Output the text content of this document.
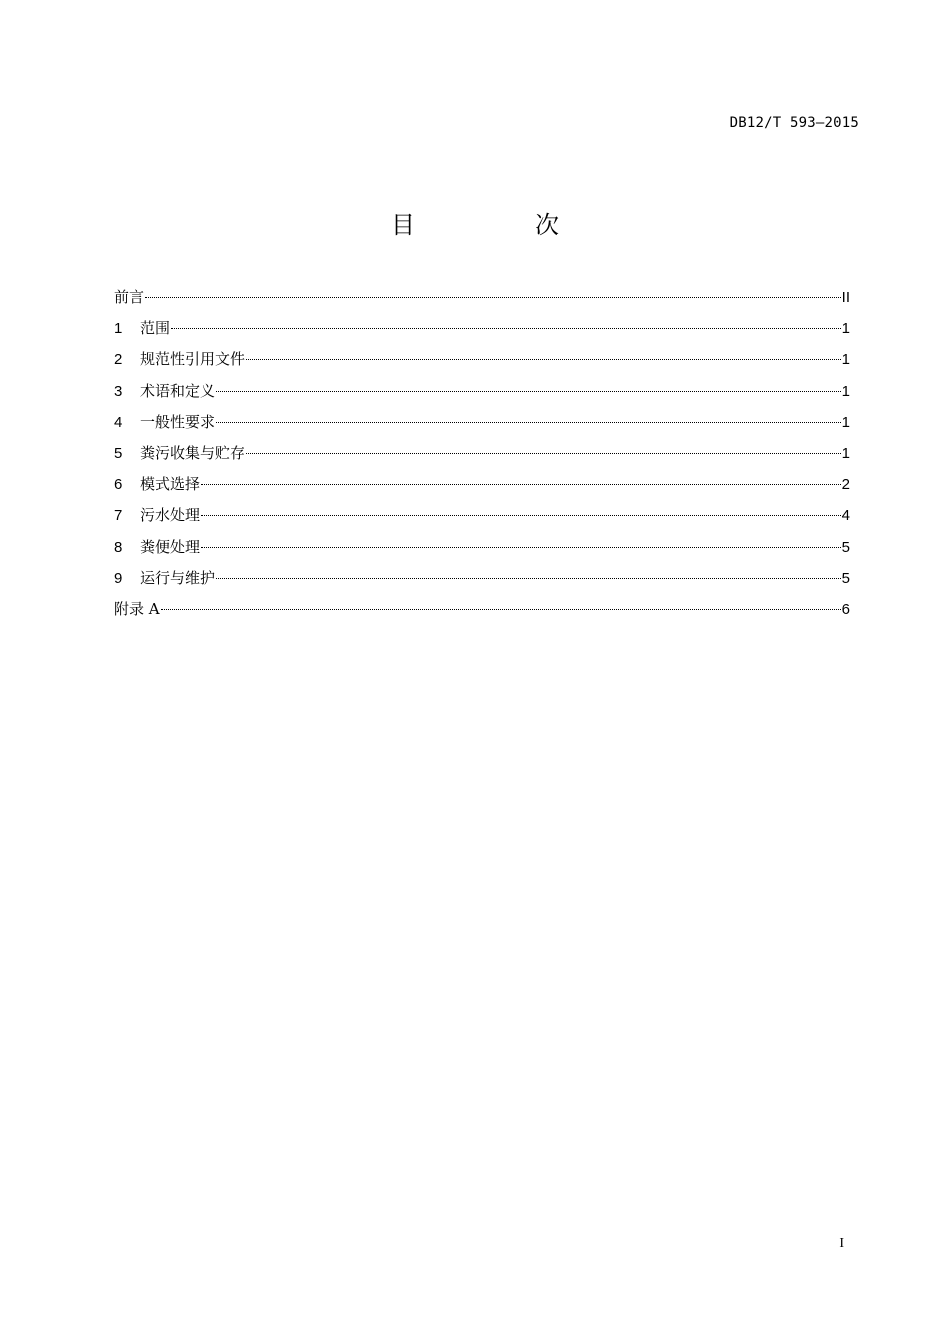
DB12/T 593—2015
目　次
前言	II
1	范围	1
2	规范性引用文件	1
3	术语和定义	1
4	一般性要求	1
5	粪污收集与贮存	1
6	模式选择	2
7	污水处理	4
8	粪便处理	5
9	运行与维护	5
附录 A	6
I
